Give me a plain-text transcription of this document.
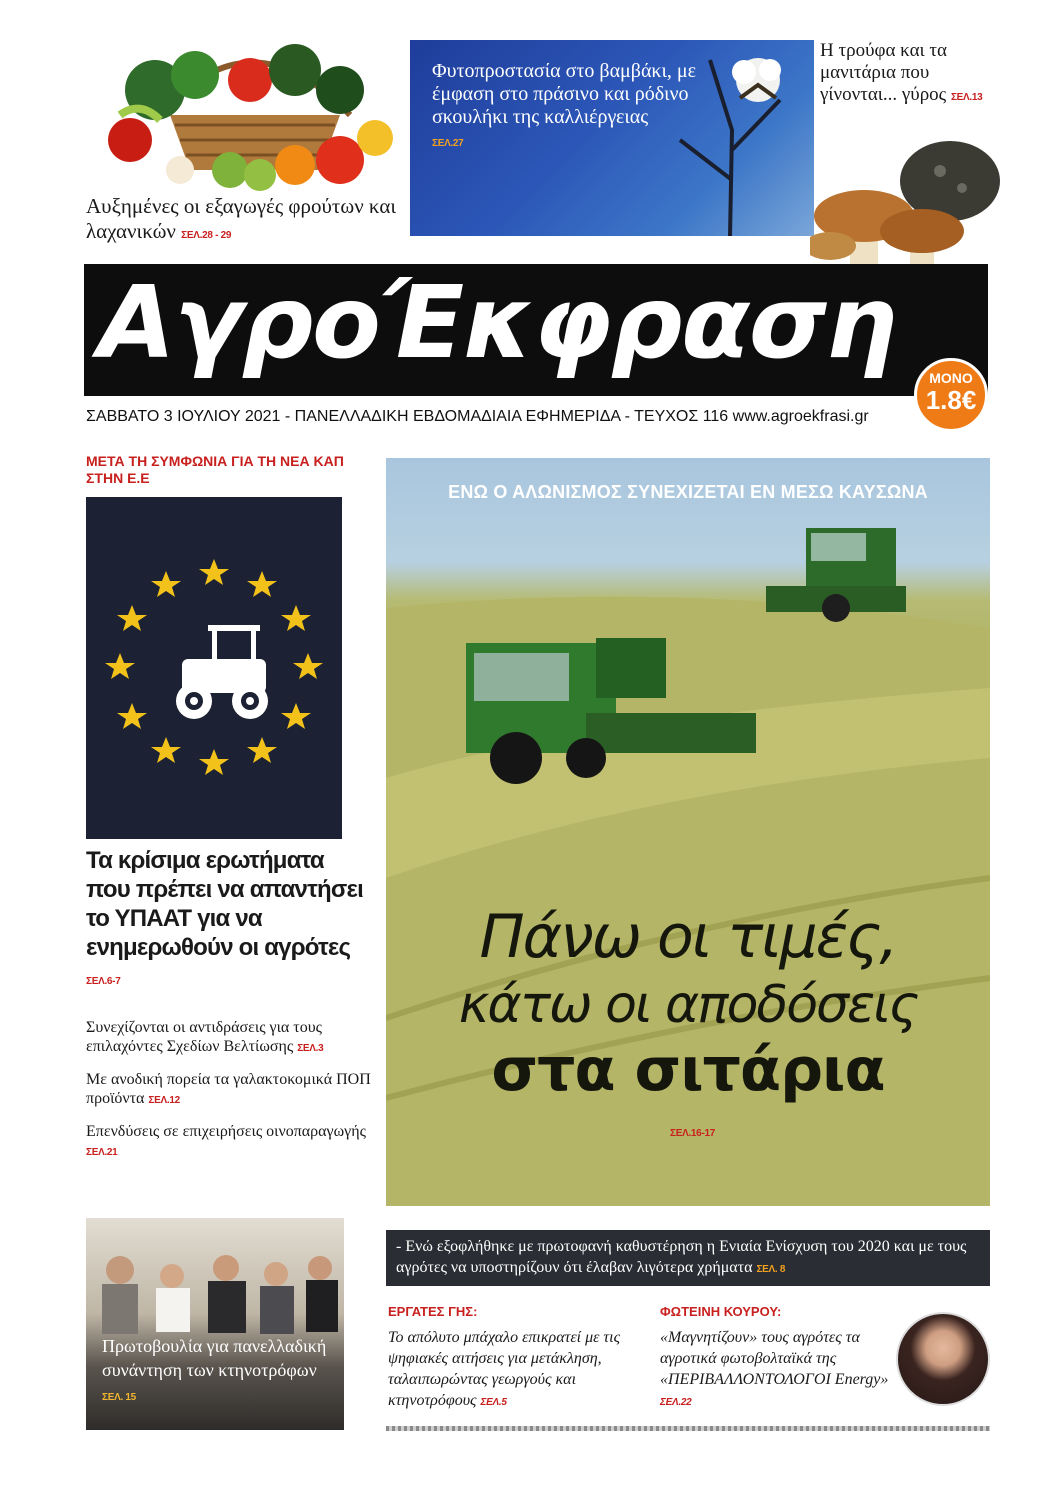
Αυξημένες οι εξαγωγές φρούτων και λαχανικών ΣΕΛ.28 - 29

Φυτοπροστασία στο βαμβάκι, με έμφαση στο πράσινο και ρόδινο σκουλήκι της καλλιέργειας
ΣΕΛ.27

Η τρούφα και τα μανιτάρια που γίνονται... γύρος ΣΕΛ.13

ΑγροΈκφραση	ΜΟΝΟ
1.8€
ΣΑΒΒΑΤΟ 3 ΙΟΥΛΙΟΥ 2021 - ΠΑΝΕΛΛΑΔΙΚΗ ΕΒΔΟΜΑΔΙΑΙΑ ΕΦΗΜΕΡΙΔΑ - ΤΕΥΧΟΣ 116 www.agroekfrasi.gr
ΜΕΤΑ ΤΗ ΣΥΜΦΩΝΙΑ ΓΙΑ ΤΗ ΝΕΑ ΚΑΠ ΣΤΗΝ Ε.Ε

Τα κρίσιμα ερωτήματα που πρέπει να απαντήσει το ΥΠΑΑΤ για να ενημερωθούν οι αγρότες ΣΕΛ.6-7

Συνεχίζονται οι αντιδράσεις για τους επιλαχόντες Σχεδίων Βελτίωσης ΣΕΛ.3

Με ανοδική πορεία τα γαλακτοκομικά ΠΟΠ προϊόντα ΣΕΛ.12

Επενδύσεις σε επιχειρήσεις οινοπαραγωγής ΣΕΛ.21

Πρωτοβουλία για πανελλαδική συνάντηση των κτηνοτρόφων
ΣΕΛ. 15

ΕΝΩ Ο ΑΛΩΝΙΣΜΟΣ ΣΥΝΕΧΙΖΕΤΑΙ ΕΝ ΜΕΣΩ ΚΑΥΣΩΝΑ
Πάνω οι τιμές,
κάτω οι αποδόσεις
στα σιτάρια
ΣΕΛ.16-17
- Ενώ εξοφλήθηκε με πρωτοφανή καθυστέρηση η Ενιαία Ενίσχυση του 2020 και με τους αγρότες να υποστηρίζουν ότι έλαβαν λιγότερα χρήματα ΣΕΛ. 8
ΕΡΓΑΤΕΣ ΓΗΣ:

Το απόλυτο μπάχαλο επικρατεί με τις ψηφιακές αιτήσεις για μετάκληση, ταλαιπωρώντας γεωργούς και κτηνοτρόφους ΣΕΛ.5

ΦΩΤΕΙΝΗ ΚΟΥΡΟΥ:

«Μαγνητίζουν» τους αγρότες τα αγροτικά φωτοβολταϊκά της «ΠΕΡΙΒΑΛΛΟΝΤΟΛΟΓΟΙ Energy» ΣΕΛ.22
